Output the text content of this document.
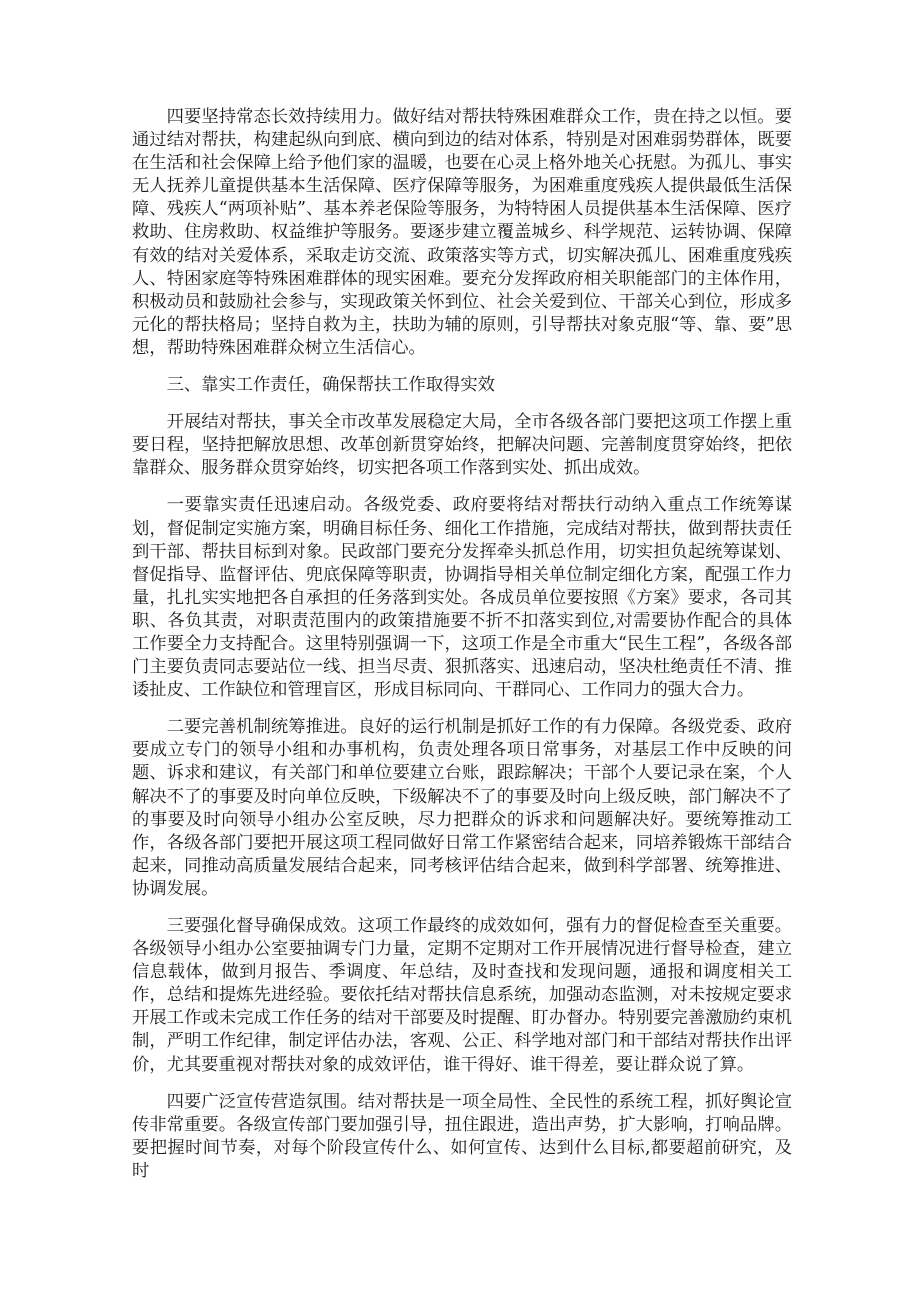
四要坚持常态长效持续用力。做好结对帮扶特殊困难群众工作，贵在持之以恒。要通过结对帮扶，构建起纵向到底、横向到边的结对体系，特别是对困难弱势群体，既要在生活和社会保障上给予他们家的温暖，也要在心灵上格外地关心抚慰。为孤儿、事实无人抚养儿童提供基本生活保障、医疗保障等服务，为困难重度残疾人提供最低生活保障、残疾人“两项补贴”、基本养老保险等服务，为特特困人员提供基本生活保障、医疗救助、住房救助、权益维护等服务。要逐步建立覆盖城乡、科学规范、运转协调、保障有效的结对关爱体系，采取走访交流、政策落实等方式，切实解决孤儿、困难重度残疾人、特困家庭等特殊困难群体的现实困难。要充分发挥政府相关职能部门的主体作用，积极动员和鼓励社会参与，实现政策关怀到位、社会关爱到位、干部关心到位，形成多元化的帮扶格局；坚持自救为主，扶助为辅的原则，引导帮扶对象克服“等、靠、要”思想，帮助特殊困难群众树立生活信心。

三、靠实工作责任，确保帮扶工作取得实效

开展结对帮扶，事关全市改革发展稳定大局，全市各级各部门要把这项工作摆上重要日程，坚持把解放思想、改革创新贯穿始终，把解决问题、完善制度贯穿始终，把依靠群众、服务群众贯穿始终，切实把各项工作落到实处、抓出成效。

一要靠实责任迅速启动。各级党委、政府要将结对帮扶行动纳入重点工作统筹谋划，督促制定实施方案，明确目标任务、细化工作措施，完成结对帮扶，做到帮扶责任到干部、帮扶目标到对象。民政部门要充分发挥牵头抓总作用，切实担负起统筹谋划、督促指导、监督评估、兜底保障等职责，协调指导相关单位制定细化方案，配强工作力量，扎扎实实地把各自承担的任务落到实处。各成员单位要按照《方案》要求，各司其职、各负其责，对职责范围内的政策措施要不折不扣落实到位,对需要协作配合的具体工作要全力支持配合。这里特别强调一下，这项工作是全市重大“民生工程”，各级各部门主要负责同志要站位一线、担当尽责、狠抓落实、迅速启动，坚决杜绝责任不清、推诿扯皮、工作缺位和管理盲区，形成目标同向、干群同心、工作同力的强大合力。

二要完善机制统筹推进。良好的运行机制是抓好工作的有力保障。各级党委、政府要成立专门的领导小组和办事机构，负责处理各项日常事务，对基层工作中反映的问题、诉求和建议，有关部门和单位要建立台账，跟踪解决；干部个人要记录在案，个人解决不了的事要及时向单位反映，下级解决不了的事要及时向上级反映，部门解决不了的事要及时向领导小组办公室反映，尽力把群众的诉求和问题解决好。要统筹推动工作，各级各部门要把开展这项工程同做好日常工作紧密结合起来，同培养锻炼干部结合起来，同推动高质量发展结合起来，同考核评估结合起来，做到科学部署、统筹推进、协调发展。

三要强化督导确保成效。这项工作最终的成效如何，强有力的督促检查至关重要。各级领导小组办公室要抽调专门力量，定期不定期对工作开展情况进行督导检查，建立信息载体，做到月报告、季调度、年总结，及时查找和发现问题，通报和调度相关工作，总结和提炼先进经验。要依托结对帮扶信息系统，加强动态监测，对未按规定要求开展工作或未完成工作任务的结对干部要及时提醒、盯办督办。特别要完善激励约束机制，严明工作纪律，制定评估办法，客观、公正、科学地对部门和干部结对帮扶作出评价，尤其要重视对帮扶对象的成效评估，谁干得好、谁干得差，要让群众说了算。

四要广泛宣传营造氛围。结对帮扶是一项全局性、全民性的系统工程，抓好舆论宣传非常重要。各级宣传部门要加强引导，扭住跟进，造出声势，扩大影响，打响品牌。要把握时间节奏，对每个阶段宣传什么、如何宣传、达到什么目标,都要超前研究，及时
